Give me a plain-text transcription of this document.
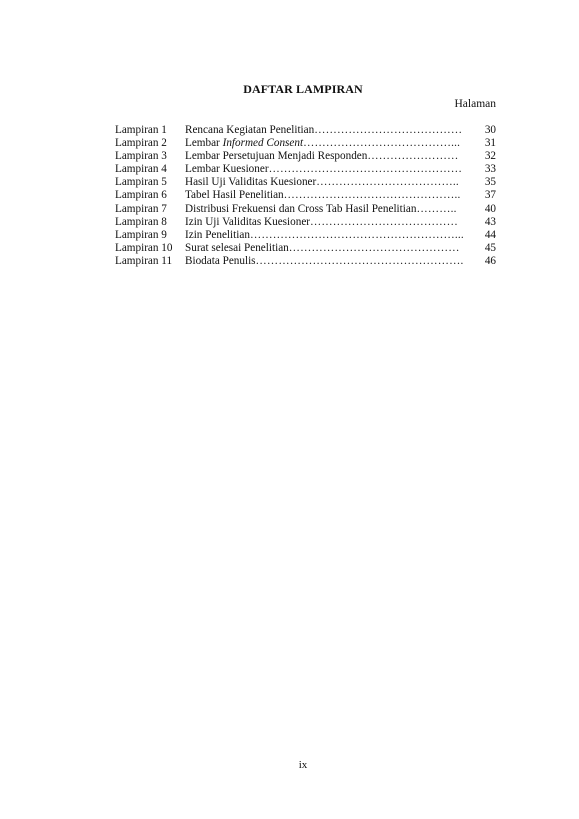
DAFTAR LAMPIRAN
Halaman
Lampiran 1	Rencana Kegiatan Penelitian …………………………………	30
Lampiran 2	Lembar Informed Consent …………………………………...	31
Lampiran 3	Lembar Persetujuan Menjadi Responden ……………………	32
Lampiran 4	Lembar Kuesioner ……………………………………………	33
Lampiran 5	Hasil Uji Validitas Kuesioner ………………………………..	35
Lampiran 6	Tabel Hasil Penelitian ………………………………………..	37
Lampiran 7	Distribusi Frekuensi dan Cross Tab Hasil Penelitian ………..	40
Lampiran 8	Izin Uji Validitas Kuesioner …………………………………	43
Lampiran 9	Izin Penelitian ………………………………………………...	44
Lampiran 10	Surat selesai Penelitian ………………………………………	45
Lampiran 11	Biodata Penulis ……………………………………………….	46
ix
